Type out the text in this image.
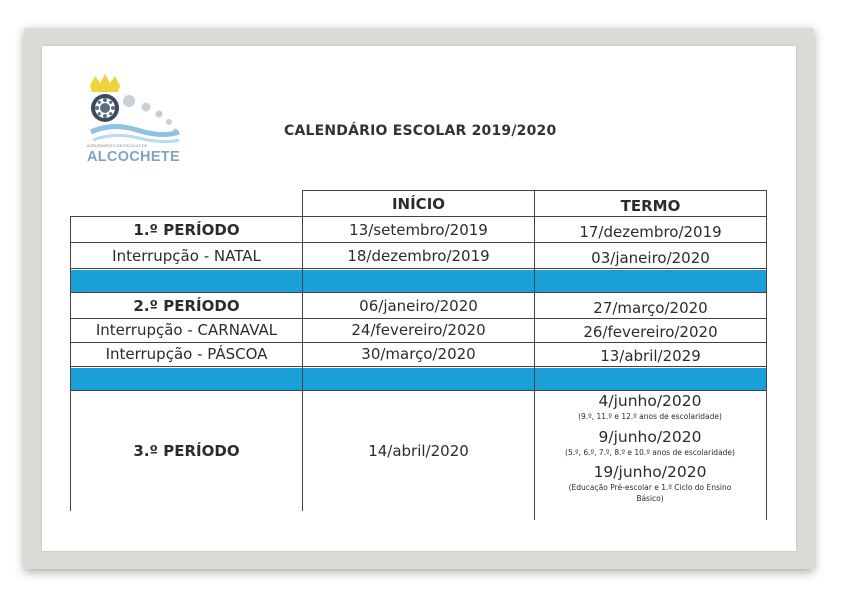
AGRUPAMENTO DE ESCOLAS DE
ALCOCHETE
CALENDÁRIO ESCOLAR 2019/2020
INÍCIO	TERMO
1.º PERÍODO	13/setembro/2019	17/dezembro/2019
Interrupção - NATAL	18/dezembro/2019	03/janeiro/2020
2.º PERÍODO	06/janeiro/2020	27/março/2020
Interrupção - CARNAVAL	24/fevereiro/2020	26/fevereiro/2020
Interrupção - PÁSCOA	30/março/2020	13/abril/2029
3.º PERÍODO	14/abril/2020
4/junho/2020
(9.º, 11.º e 12.º anos de escolaridade)
9/junho/2020
(5.º, 6.º, 7.º, 8.º e 10.º anos de escolaridade)
19/junho/2020
(Educação Pré-escolar e 1.º Ciclo do Ensino Básico)
